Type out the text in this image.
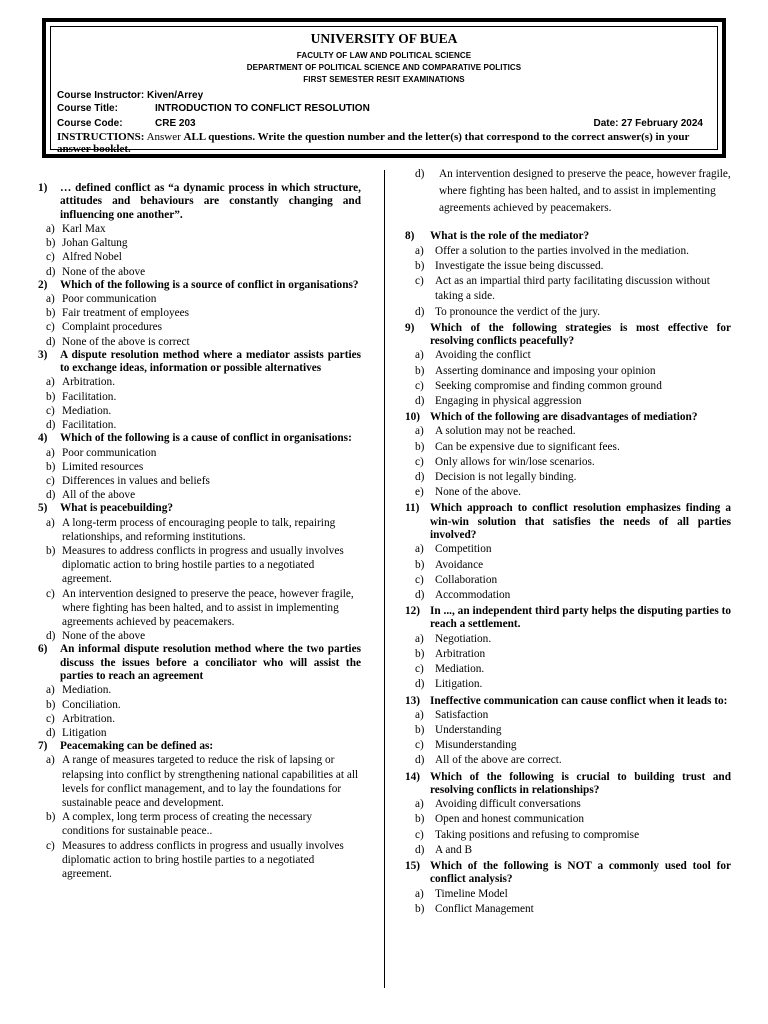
UNIVERSITY OF BUEA
FACULTY OF LAW AND POLITICAL SCIENCE
DEPARTMENT OF POLITICAL SCIENCE AND COMPARATIVE POLITICS
FIRST SEMESTER RESIT EXAMINATIONS
Course Instructor: Kiven/Arrey
Course Title:	INTRODUCTION TO CONFLICT RESOLUTION
Course Code:	CRE 203	Date: 27 February 2024
INSTRUCTIONS: Answer ALL questions. Write the question number and the letter(s) that correspond to the correct answer(s) in your answer booklet.
1) … defined conflict as “a dynamic process in which structure, attitudes and behaviours are constantly changing and influencing one another”.
a) Karl Max
b) Johan Galtung
c) Alfred Nobel
d) None of the above
2) Which of the following is a source of conflict in organisations?
a) Poor communication
b) Fair treatment of employees
c) Complaint procedures
d) None of the above is correct
3) A dispute resolution method where a mediator assists parties to exchange ideas, information or possible alternatives
a) Arbitration.
b) Facilitation.
c) Mediation.
d) Facilitation.
4) Which of the following is a cause of conflict in organisations:
a) Poor communication
b) Limited resources
c) Differences in values and beliefs
d) All of the above
5) What is peacebuilding?
a) A long-term process of encouraging people to talk, repairing relationships, and reforming institutions.
b) Measures to address conflicts in progress and usually involves diplomatic action to bring hostile parties to a negotiated agreement.
c) An intervention designed to preserve the peace, however fragile, where fighting has been halted, and to assist in implementing agreements achieved by peacemakers.
d) None of the above
6) An informal dispute resolution method where the two parties discuss the issues before a conciliator who will assist the parties to reach an agreement
a) Mediation.
b) Conciliation.
c) Arbitration.
d) Litigation
7) Peacemaking can be defined as:
a) A range of measures targeted to reduce the risk of lapsing or relapsing into conflict by strengthening national capabilities at all levels for conflict management, and to lay the foundations for sustainable peace and development.
b) A complex, long term process of creating the necessary conditions for sustainable peace..
c) Measures to address conflicts in progress and usually involves diplomatic action to bring hostile parties to a negotiated agreement.
d) An intervention designed to preserve the peace, however fragile, where fighting has been halted, and to assist in implementing agreements achieved by peacemakers.
8) What is the role of the mediator?
a) Offer a solution to the parties involved in the mediation.
b) Investigate the issue being discussed.
c) Act as an impartial third party facilitating discussion without taking a side.
d) To pronounce the verdict of the jury.
9) Which of the following strategies is most effective for resolving conflicts peacefully?
a) Avoiding the conflict
b) Asserting dominance and imposing your opinion
c) Seeking compromise and finding common ground
d) Engaging in physical aggression
10) Which of the following are disadvantages of mediation?
a) A solution may not be reached.
b) Can be expensive due to significant fees.
c) Only allows for win/lose scenarios.
d) Decision is not legally binding.
e) None of the above.
11) Which approach to conflict resolution emphasizes finding a win-win solution that satisfies the needs of all parties involved?
a) Competition
b) Avoidance
c) Collaboration
d) Accommodation
12) In ..., an independent third party helps the disputing parties to reach a settlement.
a) Negotiation.
b) Arbitration
c) Mediation.
d) Litigation.
13) Ineffective communication can cause conflict when it leads to:
a) Satisfaction
b) Understanding
c) Misunderstanding
d) All of the above are correct.
14) Which of the following is crucial to building trust and resolving conflicts in relationships?
a) Avoiding difficult conversations
b) Open and honest communication
c) Taking positions and refusing to compromise
d) A and B
15) Which of the following is NOT a commonly used tool for conflict analysis?
a) Timeline Model
b) Conflict Management
